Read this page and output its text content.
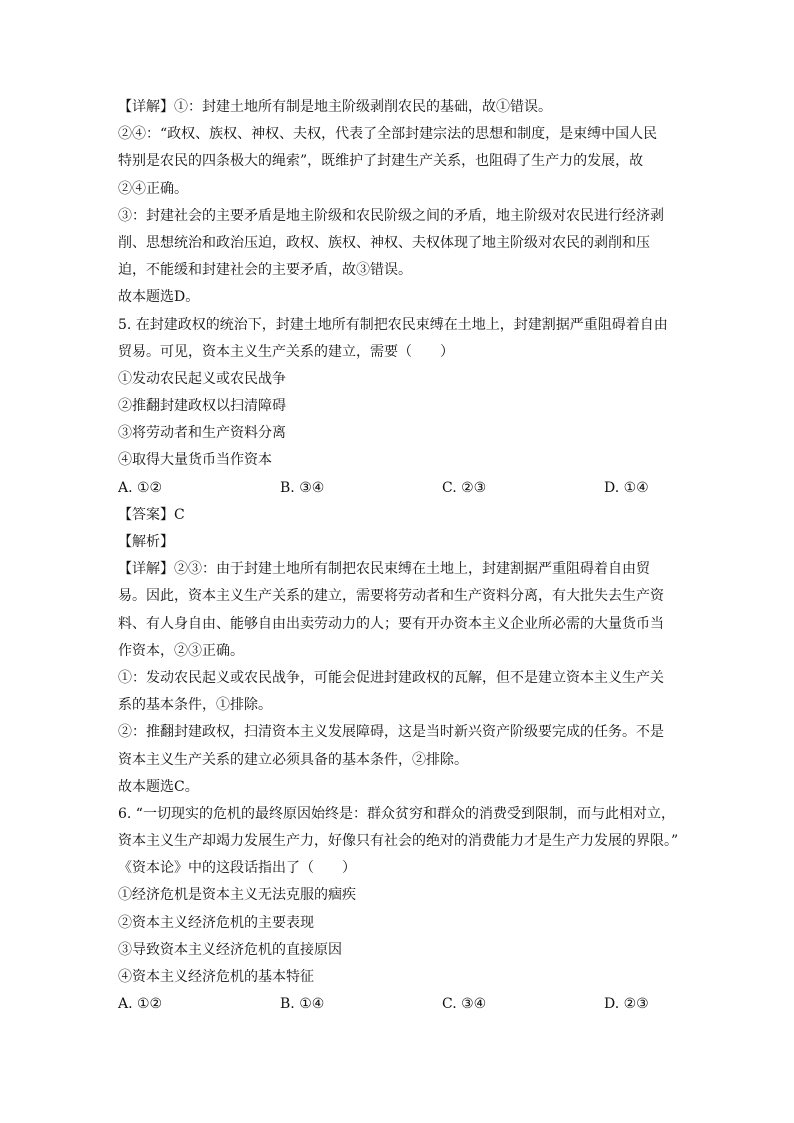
【详解】①：封建土地所有制是地主阶级剥削农民的基础，故①错误。
②④：“政权、族权、神权、夫权，代表了全部封建宗法的思想和制度，是束缚中国人民
特别是农民的四条极大的绳索”，既维护了封建生产关系，也阻碍了生产力的发展，故
②④正确。
③：封建社会的主要矛盾是地主阶级和农民阶级之间的矛盾，地主阶级对农民进行经济剥
削、思想统治和政治压迫，政权、族权、神权、夫权体现了地主阶级对农民的剥削和压
迫，不能缓和封建社会的主要矛盾，故③错误。
故本题选D。
5. 在封建政权的统治下，封建土地所有制把农民束缚在土地上，封建割据严重阻碍着自由
贸易。可见，资本主义生产关系的建立，需要（　　）
①发动农民起义或农民战争
②推翻封建政权以扫清障碍
③将劳动者和生产资料分离
④取得大量货币当作资本
A. ①②	B. ③④	C. ②③	D. ①④
【答案】C
【解析】
【详解】②③：由于封建土地所有制把农民束缚在土地上，封建割据严重阻碍着自由贸
易。因此，资本主义生产关系的建立，需要将劳动者和生产资料分离，有大批失去生产资
料、有人身自由、能够自由出卖劳动力的人；要有开办资本主义企业所必需的大量货币当
作资本，②③正确。
①：发动农民起义或农民战争，可能会促进封建政权的瓦解，但不是建立资本主义生产关
系的基本条件，①排除。
②：推翻封建政权，扫清资本主义发展障碍，这是当时新兴资产阶级要完成的任务。不是
资本主义生产关系的建立必须具备的基本条件，②排除。
故本题选C。
6. “一切现实的危机的最终原因始终是：群众贫穷和群众的消费受到限制，而与此相对立，
资本主义生产却竭力发展生产力，好像只有社会的绝对的消费能力才是生产力发展的界限。”
《资本论》中的这段话指出了（　　）
①经济危机是资本主义无法克服的痼疾
②资本主义经济危机的主要表现
③导致资本主义经济危机的直接原因
④资本主义经济危机的基本特征
A. ①②	B. ①④	C. ③④	D. ②③
